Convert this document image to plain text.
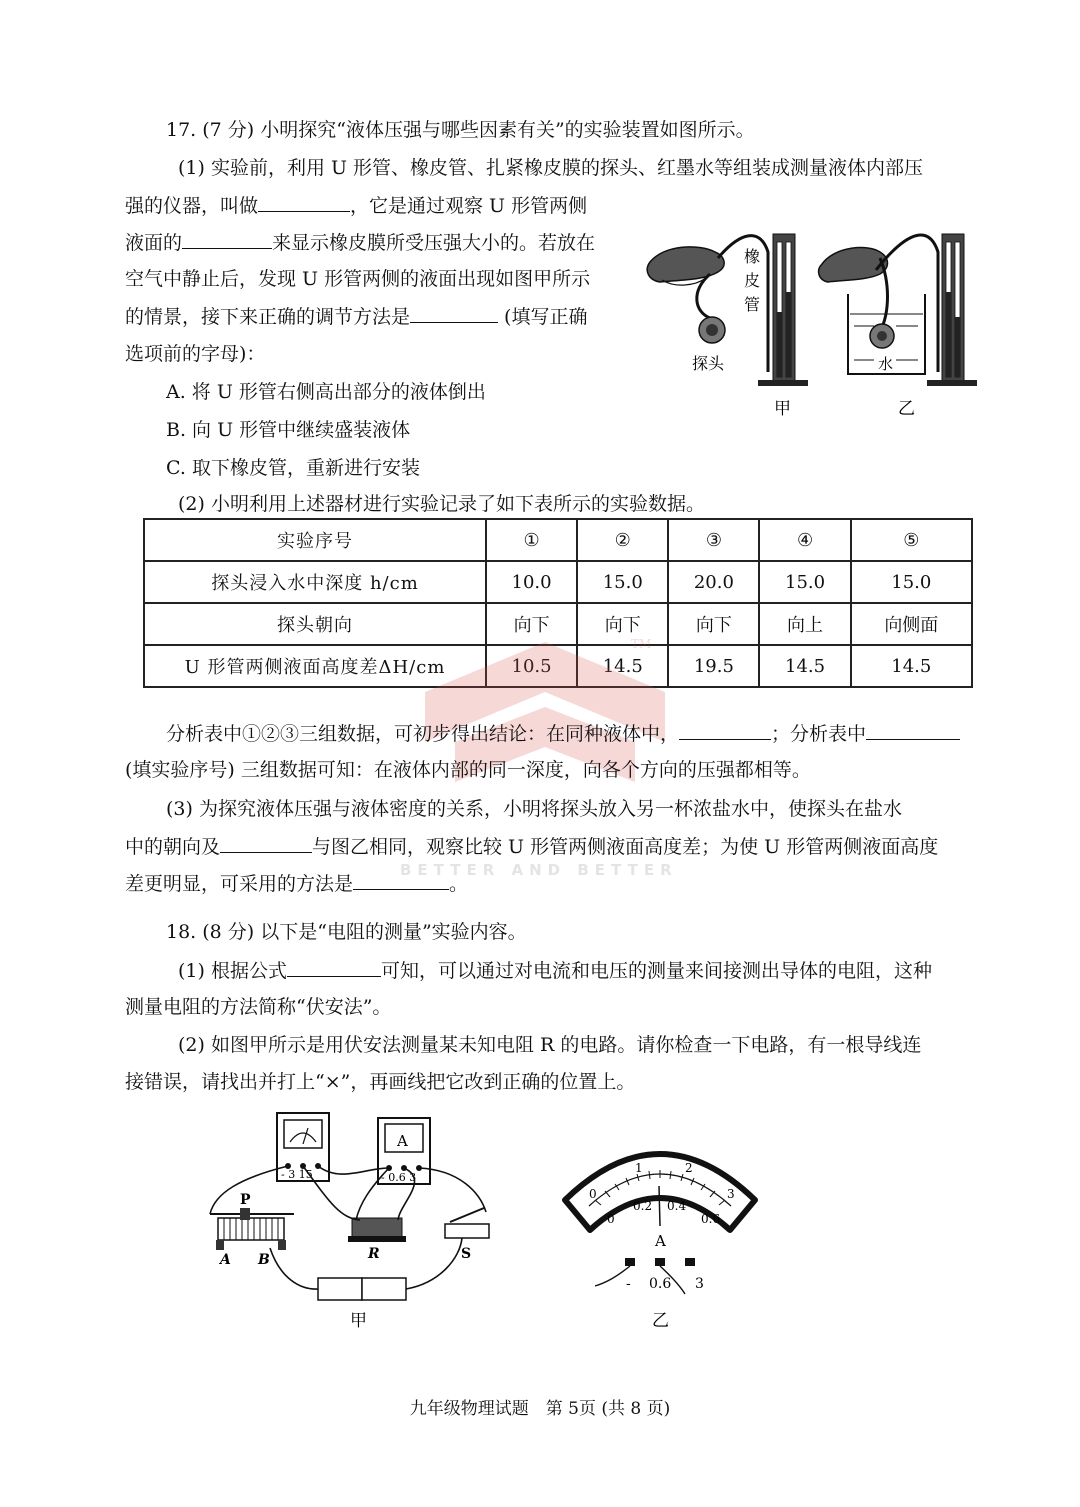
17. (7 分) 小明探究“液体压强与哪些因素有关”的实验装置如图所示。
(1) 实验前，利用 U 形管、橡皮管、扎紧橡皮膜的探头、红墨水等组装成测量液体内部压
强的仪器，叫做	，它是通过观察 U 形管两侧
液面的	来显示橡皮膜所受压强大小的。若放在
空气中静止后，发现 U 形管两侧的液面出现如图甲所示
的情景，接下来正确的调节方法是	(填写正确
选项前的字母)：
A. 将 U 形管右侧高出部分的液体倒出
B. 向 U 形管中继续盛装液体
C. 取下橡皮管，重新进行安装
(2) 小明利用上述器材进行实验记录了如下表所示的实验数据。
橡
皮
管
探头
甲
水
乙
实验序号	①	②	③	④	⑤
探头浸入水中深度 h/cm	10.0	15.0	20.0	15.0	15.0
探头朝向	向下	向下	向下	向上	向侧面
U 形管两侧液面高度差ΔH/cm	10.5	14.5	19.5	14.5	14.5
TM
BETTER AND BETTER
分析表中①②③三组数据，可初步得出结论：在同种液体中，	；分析表中
(填实验序号) 三组数据可知：在液体内部的同一深度，向各个方向的压强都相等。
(3) 为探究液体压强与液体密度的关系，小明将探头放入另一杯浓盐水中，使探头在盐水
中的朝向及	与图乙相同，观察比较 U 形管两侧液面高度差；为使 U 形管两侧液面高度
差更明显，可采用的方法是	。
18. (8 分) 以下是“电阻的测量”实验内容。
(1) 根据公式	可知，可以通过对电流和电压的测量来间接测出导体的电阻，这种
测量电阻的方法简称“伏安法”。
(2) 如图甲所示是用伏安法测量某未知电阻 R 的电路。请你检查一下电路，有一根导线连
接错误，请找出并打上“×”，再画线把它改到正确的位置上。
- 3 15
A
- 0.6 3
P
A B	R	S
甲
0
1	2
3
0
0.2 0.4
0.6
A
- 0.6 3
乙
九年级物理试题　第 5页 (共 8 页)
